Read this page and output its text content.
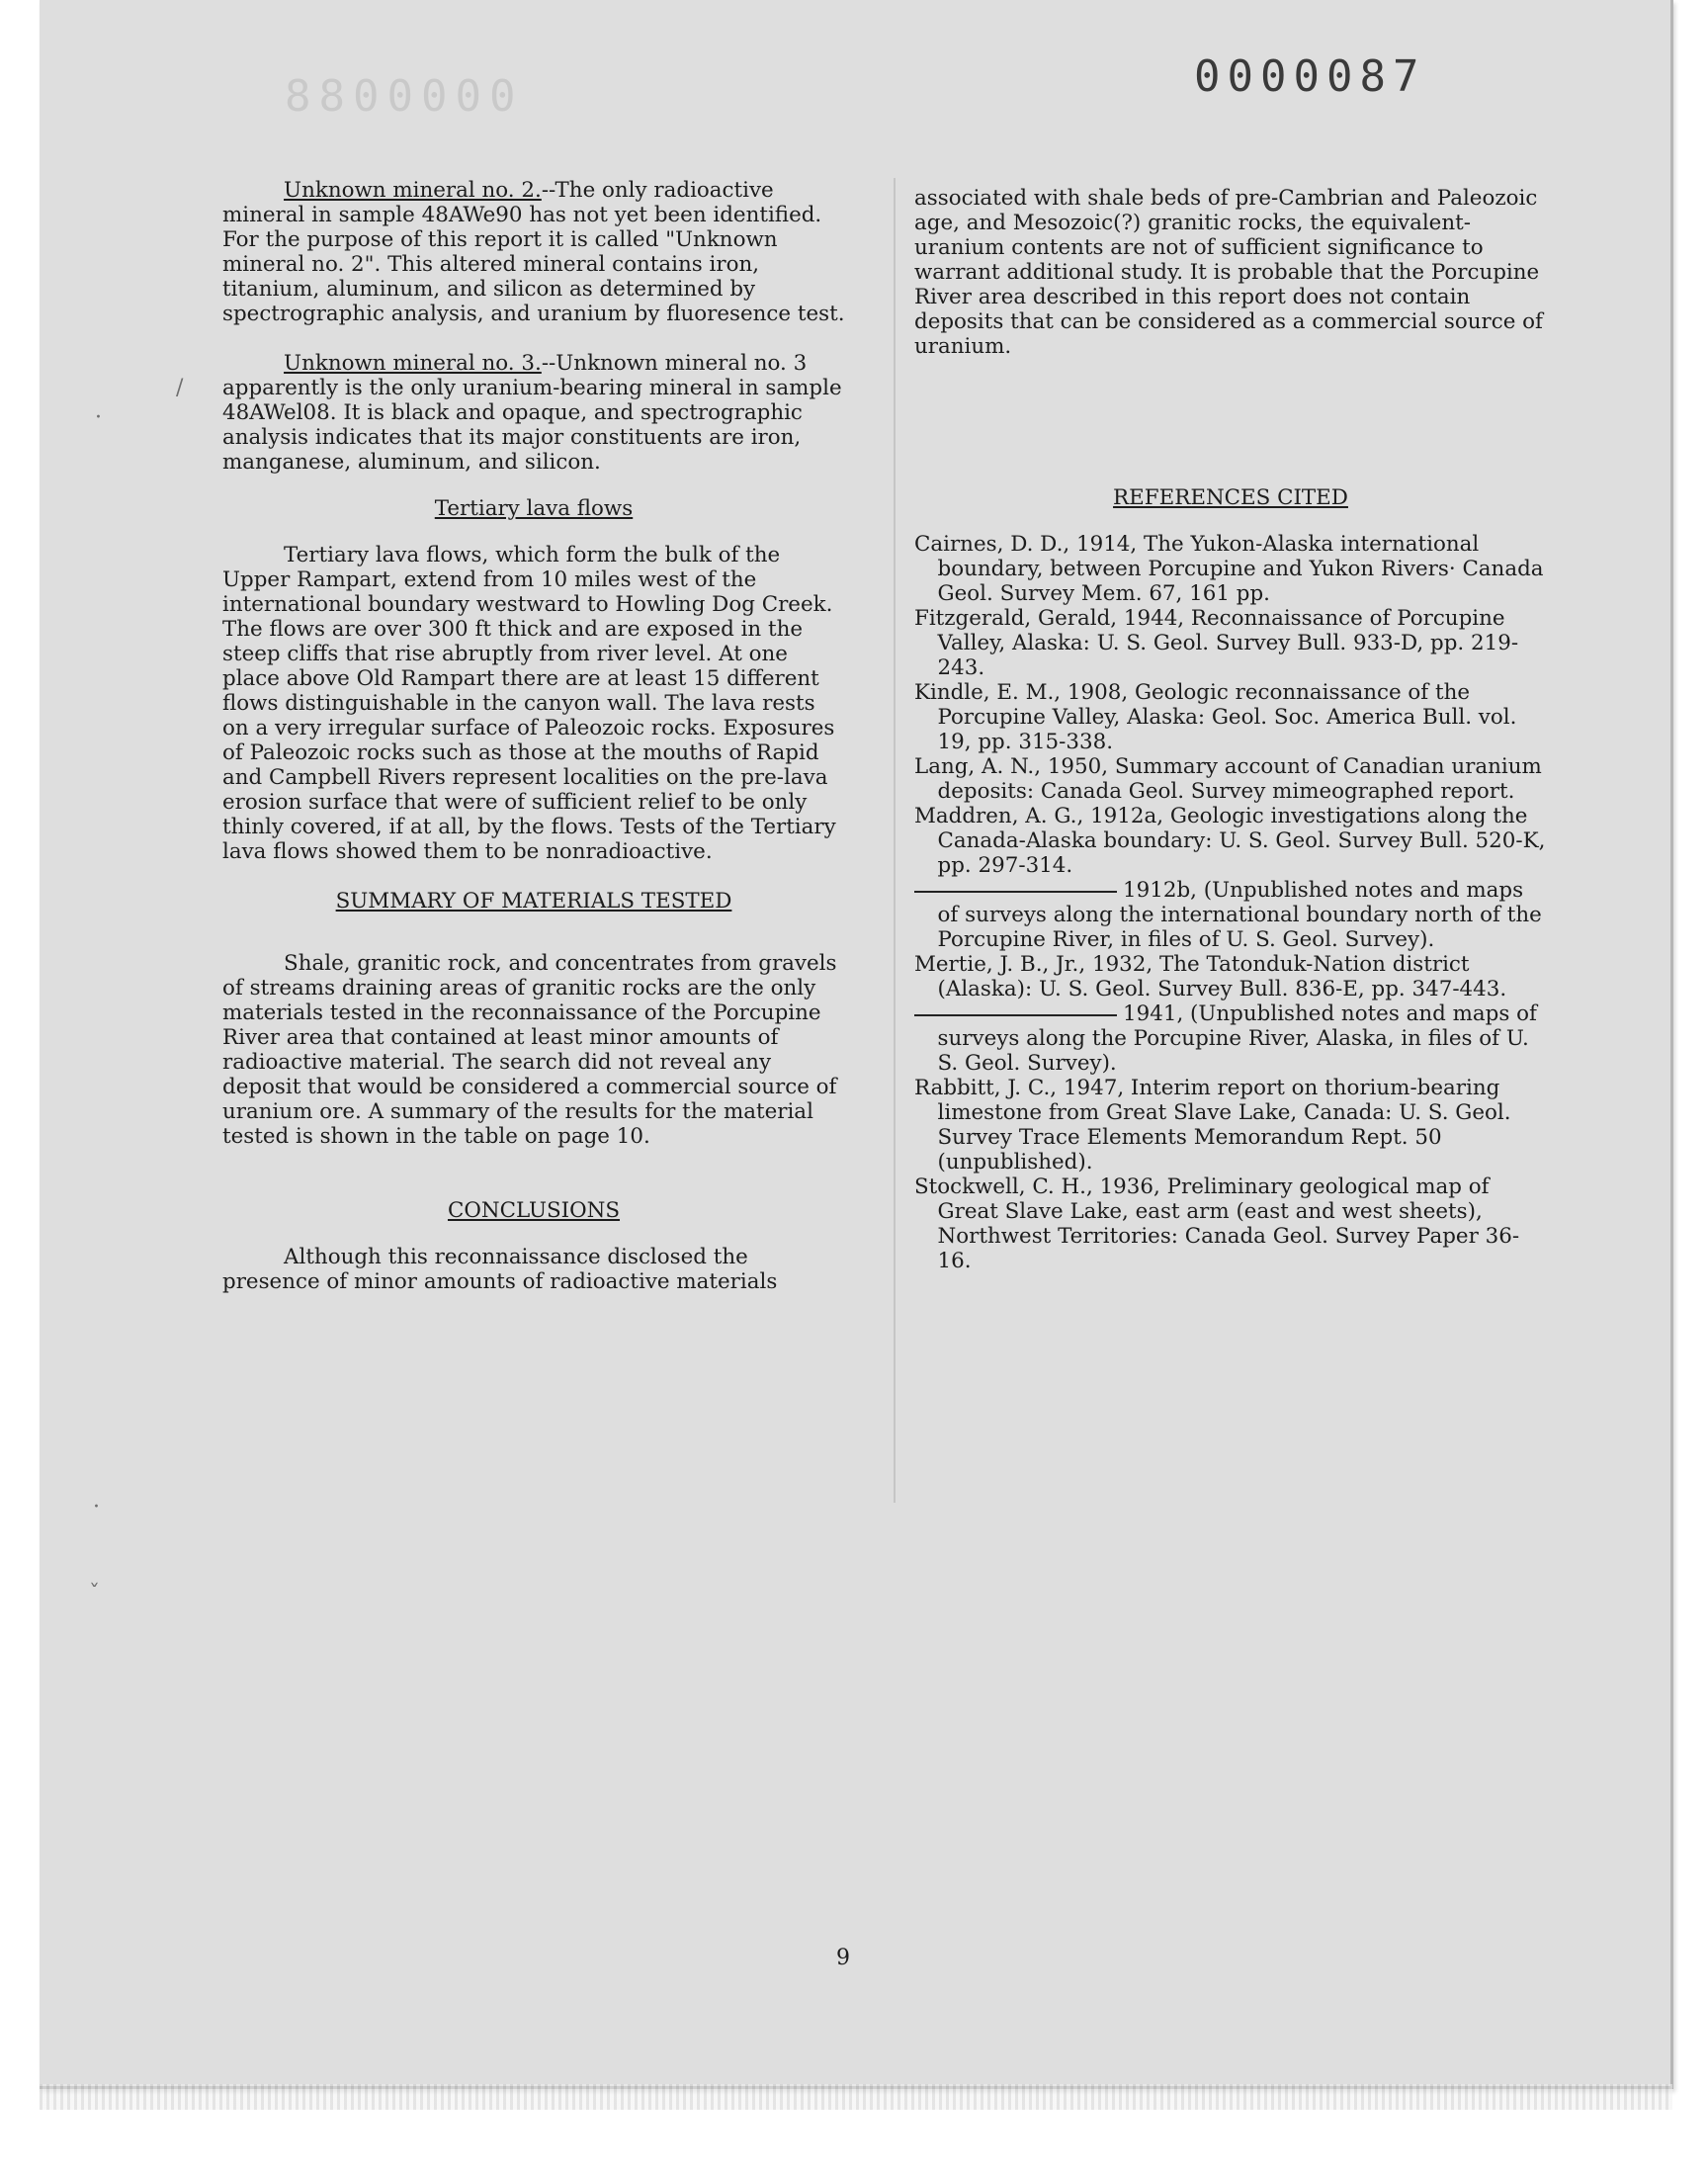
0000088	0000087

Unknown mineral no. 2.--The only radioactive mineral in sample 48AWe90 has not yet been identified. For the purpose of this report it is called "Unknown mineral no. 2". This altered mineral contains iron, titanium, aluminum, and silicon as determined by spectrographic analysis, and uranium by fluoresence test.

Unknown mineral no. 3.--Unknown mineral no. 3 apparently is the only uranium-bearing mineral in sample 48AWel08. It is black and opaque, and spectrographic analysis indicates that its major constituents are iron, manganese, aluminum, and silicon.

Tertiary lava flows

Tertiary lava flows, which form the bulk of the Upper Rampart, extend from 10 miles west of the international boundary westward to Howling Dog Creek. The flows are over 300 ft thick and are exposed in the steep cliffs that rise abruptly from river level. At one place above Old Rampart there are at least 15 different flows distinguishable in the canyon wall. The lava rests on a very irregular surface of Paleozoic rocks. Exposures of Paleozoic rocks such as those at the mouths of Rapid and Campbell Rivers represent localities on the pre-lava erosion surface that were of sufficient relief to be only thinly covered, if at all, by the flows. Tests of the Tertiary lava flows showed them to be nonradioactive.

SUMMARY OF MATERIALS TESTED

Shale, granitic rock, and concentrates from gravels of streams draining areas of granitic rocks are the only materials tested in the reconnaissance of the Porcupine River area that contained at least minor amounts of radioactive material. The search did not reveal any deposit that would be considered a commercial source of uranium ore. A summary of the results for the material tested is shown in the table on page 10.

CONCLUSIONS

Although this reconnaissance disclosed the presence of minor amounts of radioactive materials

associated with shale beds of pre-Cambrian and Paleozoic age, and Mesozoic(?) granitic rocks, the equivalent-uranium contents are not of sufficient significance to warrant additional study. It is probable that the Porcupine River area described in this report does not contain deposits that can be considered as a commercial source of uranium.

REFERENCES CITED

Cairnes, D. D., 1914, The Yukon-Alaska international boundary, between Porcupine and Yukon Rivers· Canada Geol. Survey Mem. 67, 161 pp.

Fitzgerald, Gerald, 1944, Reconnaissance of Porcupine Valley, Alaska: U. S. Geol. Survey Bull. 933-D, pp. 219-243.

Kindle, E. M., 1908, Geologic reconnaissance of the Porcupine Valley, Alaska: Geol. Soc. America Bull. vol. 19, pp. 315-338.

Lang, A. N., 1950, Summary account of Canadian uranium deposits: Canada Geol. Survey mimeographed report.

Maddren, A. G., 1912a, Geologic investigations along the Canada-Alaska boundary: U. S. Geol. Survey Bull. 520-K, pp. 297-314.

1912b, (Unpublished notes and maps of surveys along the international boundary north of the Porcupine River, in files of U. S. Geol. Survey).

Mertie, J. B., Jr., 1932, The Tatonduk-Nation district (Alaska): U. S. Geol. Survey Bull. 836-E, pp. 347-443.

1941, (Unpublished notes and maps of surveys along the Porcupine River, Alaska, in files of U. S. Geol. Survey).

Rabbitt, J. C., 1947, Interim report on thorium-bearing limestone from Great Slave Lake, Canada: U. S. Geol. Survey Trace Elements Memorandum Rept. 50 (unpublished).

Stockwell, C. H., 1936, Preliminary geological map of Great Slave Lake, east arm (east and west sheets), Northwest Territories: Canada Geol. Survey Paper 36-16.

/
·
·
ˇ
9
